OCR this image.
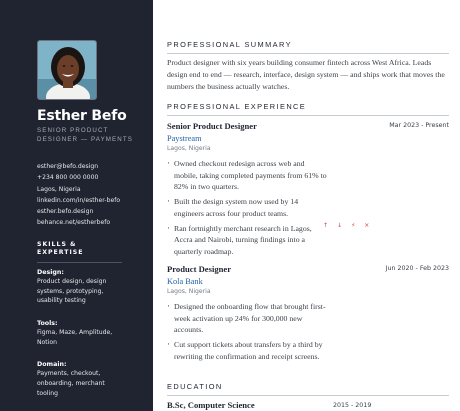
Esther Befo
SENIOR PRODUCT DESIGNER — PAYMENTS
esther@befo.design
+234 800 000 0000
Lagos, Nigeria
linkedin.com/in/esther-befo
esther.befo.design
behance.net/estherbefo
SKILLS & EXPERTISE
Design:
Product design, design systems, prototyping, usability testing
Tools:
Figma, Maze, Amplitude, Notion
Domain:
Payments, checkout, onboarding, merchant tooling
PROFESSIONAL SUMMARY

Product designer with six years building consumer fintech across West Africa. Leads design end to end — research, interface, design system — and ships work that moves the numbers the business actually watches.

PROFESSIONAL EXPERIENCE
Senior Product Designer	Mar 2023 - Present
Paystream
Lagos, Nigeria
· Owned checkout redesign across web and mobile, taking completed payments from 61% to 82% in two quarters.
· Built the design system now used by 14 engineers across four product teams.
· Ran fortnightly merchant research in Lagos, Accra and Nairobi, turning findings into a quarterly roadmap.
↑ ↓ ⚡ ×
Product Designer	Jun 2020 - Feb 2023
Kola Bank
Lagos, Nigeria
· Designed the onboarding flow that brought first-week activation up 24% for 300,000 new accounts.
· Cut support tickets about transfers by a third by rewriting the confirmation and receipt screens.
EDUCATION
B.Sc, Computer Science	2015 - 2019
